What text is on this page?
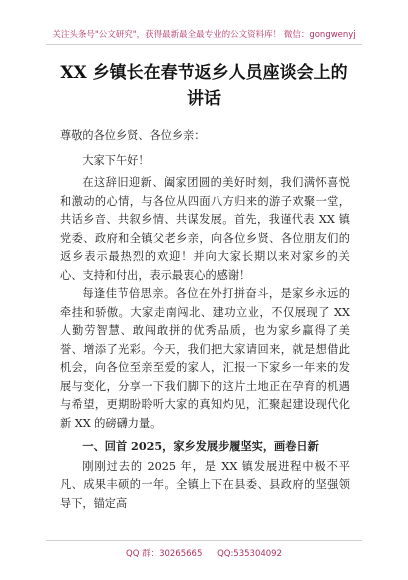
关注头条号"公文研究"，获得最新最全最专业的公文资料库！ 微信：gongwenyj
XX 乡镇长在春节返乡人员座谈会上的讲话

尊敬的各位乡贤、各位乡亲：

大家下午好！

在这辞旧迎新、阖家团圆的美好时刻，我们满怀喜悦和激动的心情，与各位从四面八方归来的游子欢聚一堂，共话乡音、共叙乡情、共谋发展。首先，我谨代表 XX 镇党委、政府和全镇父老乡亲，向各位乡贤、各位朋友们的返乡表示最热烈的欢迎！并向大家长期以来对家乡的关心、支持和付出，表示最衷心的感谢！

每逢佳节倍思亲。各位在外打拼奋斗，是家乡永远的牵挂和骄傲。大家走南闯北、建功立业，不仅展现了 XX 人勤劳智慧、敢闯敢拼的优秀品质，也为家乡赢得了美誉、增添了光彩。今天，我们把大家请回来，就是想借此机会，向各位至亲至爱的家人，汇报一下家乡一年来的发展与变化，分享一下我们脚下的这片土地正在孕育的机遇与希望，更期盼聆听大家的真知灼见，汇聚起建设现代化新 XX 的磅礴力量。

一、回首 2025，家乡发展步履坚实，画卷日新

刚刚过去的 2025 年，是 XX 镇发展进程中极不平凡、成果丰硕的一年。全镇上下在县委、县政府的坚强领导下，锚定高

QQ 群：30265665 QQ:535304092
